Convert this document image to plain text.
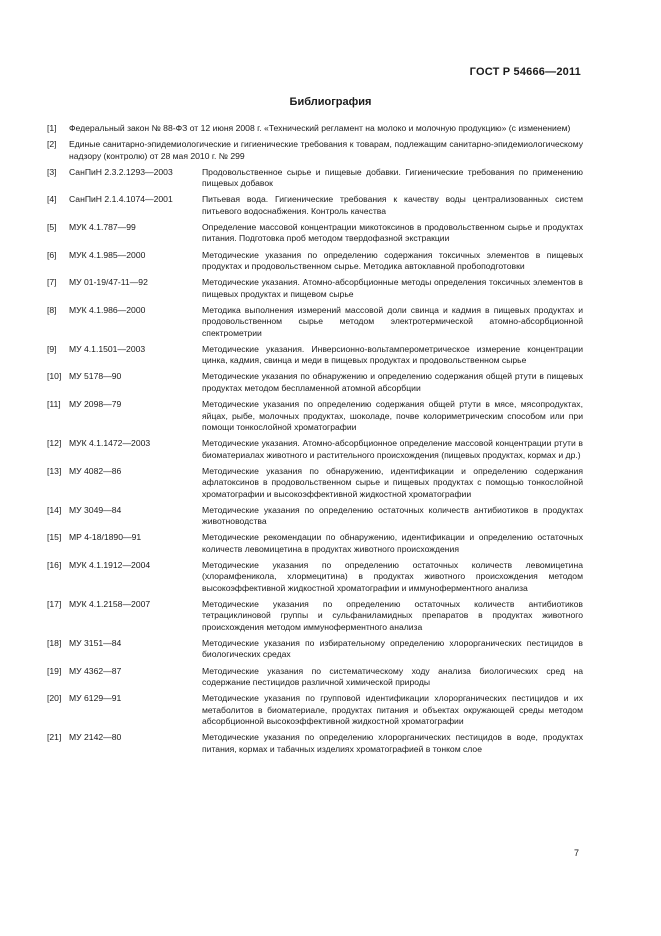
ГОСТ Р 54666—2011
Библиография
[1]	Федеральный закон № 88-ФЗ от 12 июня 2008 г. «Технический регламент на молоко и молочную продукцию» (с изменением)
[2]	Единые санитарно-эпидемиологические и гигиенические требования к товарам, подлежащим санитарно-эпидемиологическому надзору (контролю) от 28 мая 2010 г. № 299
[3] СанПиН 2.3.2.1293—2003	Продовольственное сырье и пищевые добавки. Гигиенические требования по применению пищевых добавок
[4] СанПиН 2.1.4.1074—2001	Питьевая вода. Гигиенические требования к качеству воды централизованных систем питьевого водоснабжения. Контроль качества
[5] МУК 4.1.787—99	Определение массовой концентрации микотоксинов в продовольственном сырье и продуктах питания. Подготовка проб методом твердофазной экстракции
[6] МУК 4.1.985—2000	Методические указания по определению содержания токсичных элементов в пищевых продуктах и продовольственном сырье. Методика автоклавной пробоподготовки
[7] МУ 01-19/47-11—92	Методические указания. Атомно-абсорбционные методы определения токсичных элементов в пищевых продуктах и пищевом сырье
[8] МУК 4.1.986—2000	Методика выполнения измерений массовой доли свинца и кадмия в пищевых продуктах и продовольственном сырье методом электротермической атомно-абсорбционной спектрометрии
[9] МУ 4.1.1501—2003	Методические указания. Инверсионно-вольтамперометрическое измерение концентрации цинка, кадмия, свинца и меди в пищевых продуктах и продовольственном сырье
[10] МУ 5178—90	Методические указания по обнаружению и определению содержания общей ртути в пищевых продуктах методом беспламенной атомной абсорбции
[11] МУ 2098—79	Методические указания по определению содержания общей ртути в мясе, мясопродуктах, яйцах, рыбе, молочных продуктах, шоколаде, почве колориметрическим способом или при помощи тонкослойной хроматографии
[12] МУК 4.1.1472—2003	Методические указания. Атомно-абсорбционное определение массовой концентрации ртути в биоматериалах животного и растительного происхождения (пищевых продуктах, кормах и др.)
[13] МУ 4082—86	Методические указания по обнаружению, идентификации и определению содержания афлатоксинов в продовольственном сырье и пищевых продуктах с помощью тонкослойной хроматографии и высокоэффективной жидкостной хроматографии
[14] МУ 3049—84	Методические указания по определению остаточных количеств антибиотиков в продуктах животноводства
[15] МР 4-18/1890—91	Методические рекомендации по обнаружению, идентификации и определению остаточных количеств левомицетина в продуктах животного происхождения
[16] МУК 4.1.1912—2004	Методические указания по определению остаточных количеств левомицетина (хлорамфеникола, хлормецитина) в продуктах животного происхождения методом высокоэффективной жидкостной хроматографии и иммуноферментного анализа
[17] МУК 4.1.2158—2007	Методические указания по определению остаточных количеств антибиотиков тетрациклиновой группы и сульфаниламидных препаратов в продуктах животного происхождения методом иммуноферментного анализа
[18] МУ 3151—84	Методические указания по избирательному определению хлорорганических пестицидов в биологических средах
[19] МУ 4362—87	Методические указания по систематическому ходу анализа биологических сред на содержание пестицидов различной химической природы
[20] МУ 6129—91	Методические указания по групповой идентификации хлорорганических пестицидов и их метаболитов в биоматериале, продуктах питания и объектах окружающей среды методом абсорбционной высокоэффективной жидкостной хроматографии
[21] МУ 2142—80	Методические указания по определению хлорорганических пестицидов в воде, продуктах питания, кормах и табачных изделиях хроматографией в тонком слое
7
